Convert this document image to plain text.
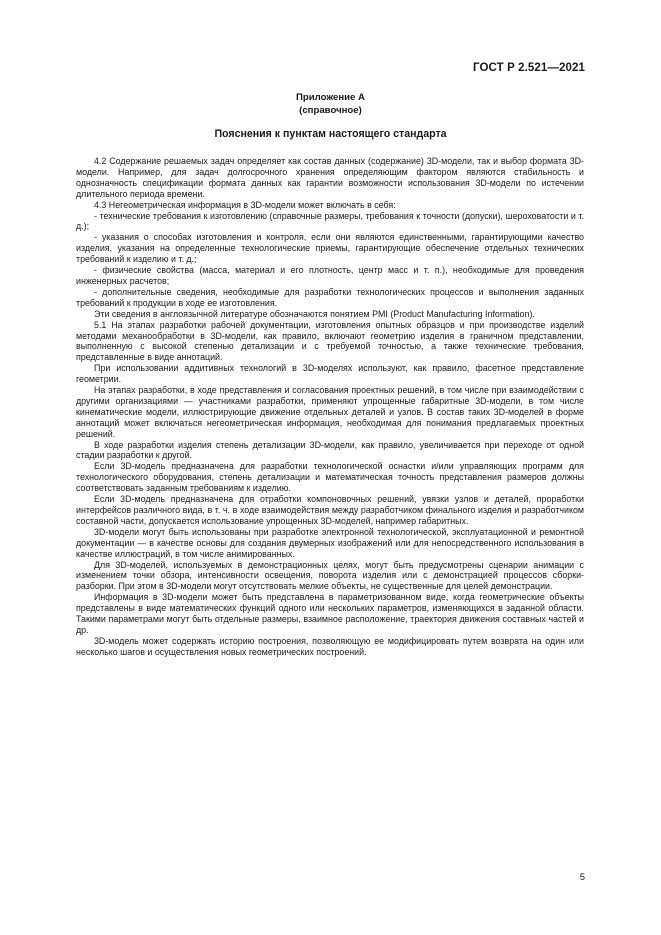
ГОСТ Р 2.521—2021
Приложение А
(справочное)
Пояснения к пунктам настоящего стандарта

4.2 Содержание решаемых задач определяет как состав данных (содержание) 3D-модели, так и выбор формата 3D-модели. Например, для задач долгосрочного хранения определяющим фактором являются стабильность и однозначность спецификации формата данных как гарантии возможности использования 3D-модели по истечении длительного периода времени.

4.3 Негеометрическая информация в 3D-модели может включать в себя:

- технические требования к изготовлению (справочные размеры, требования к точности (допуски), шероховатости и т. д.);

- указания о способах изготовления и контроля, если они являются единственными, гарантирующими качество изделия, указания на определенные технологические приемы, гарантирующие обеспечение отдельных технических требований к изделию и т. д.;

- физические свойства (масса, материал и его плотность, центр масс и т. п.), необходимые для проведения инженерных расчетов;

- дополнительные сведения, необходимые для разработки технологических процессов и выполнения заданных требований к продукции в ходе ее изготовления.

Эти сведения в англоязычной литературе обозначаются понятием PMI (Product Manufacturing Information).

5.1 На этапах разработки рабочей документации, изготовления опытных образцов и при производстве изделий методами механообработки в 3D-модели, как правило, включают геометрию изделия в граничном представлении, выполненную с высокой степенью детализации и с требуемой точностью, а также технические требования, представленные в виде аннотаций.

При использовании аддитивных технологий в 3D-моделях используют, как правило, фасетное представление геометрии.

На этапах разработки, в ходе представления и согласования проектных решений, в том числе при взаимодействии с другими организациями — участниками разработки, применяют упрощенные габаритные 3D-модели, в том числе кинематические модели, иллюстрирующие движение отдельных деталей и узлов. В состав таких 3D-моделей в форме аннотаций может включаться негеометрическая информация, необходимая для понимания предлагаемых проектных решений.

В ходе разработки изделия степень детализации 3D-модели, как правило, увеличивается при переходе от одной стадии разработки к другой.

Если 3D-модель предназначена для разработки технологической оснастки и/или управляющих программ для технологического оборудования, степень детализации и математическая точность представления размеров должны соответствовать заданным требованиям к изделию.

Если 3D-модель предназначена для отработки компоновочных решений, увязки узлов и деталей, проработки интерфейсов различного вида, в т. ч. в ходе взаимодействия между разработчиком финального изделия и разработчиком составной части, допускается использование упрощенных 3D-моделей, например габаритных.

3D-модели могут быть использованы при разработке электронной технологической, эксплуатационной и ремонтной документации — в качестве основы для создания двумерных изображений или для непосредственного использования в качестве иллюстраций, в том числе анимированных.

Для 3D-моделей, используемых в демонстрационных целях, могут быть предусмотрены сценарии анимации с изменением точки обзора, интенсивности освещения, поворота изделия или с демонстрацией процессов сборки-разборки. При этом в 3D-модели могут отсутствовать мелкие объекты, не существенные для целей демонстрации.

Информация в 3D-модели может быть представлена в параметризованном виде, когда геометрические объекты представлены в виде математических функций одного или нескольких параметров, изменяющихся в заданной области. Такими параметрами могут быть отдельные размеры, взаимное расположение, траектория движения составных частей и др.

3D-модель может содержать историю построения, позволяющую ее модифицировать путем возврата на один или несколько шагов и осуществления новых геометрических построений.

5
